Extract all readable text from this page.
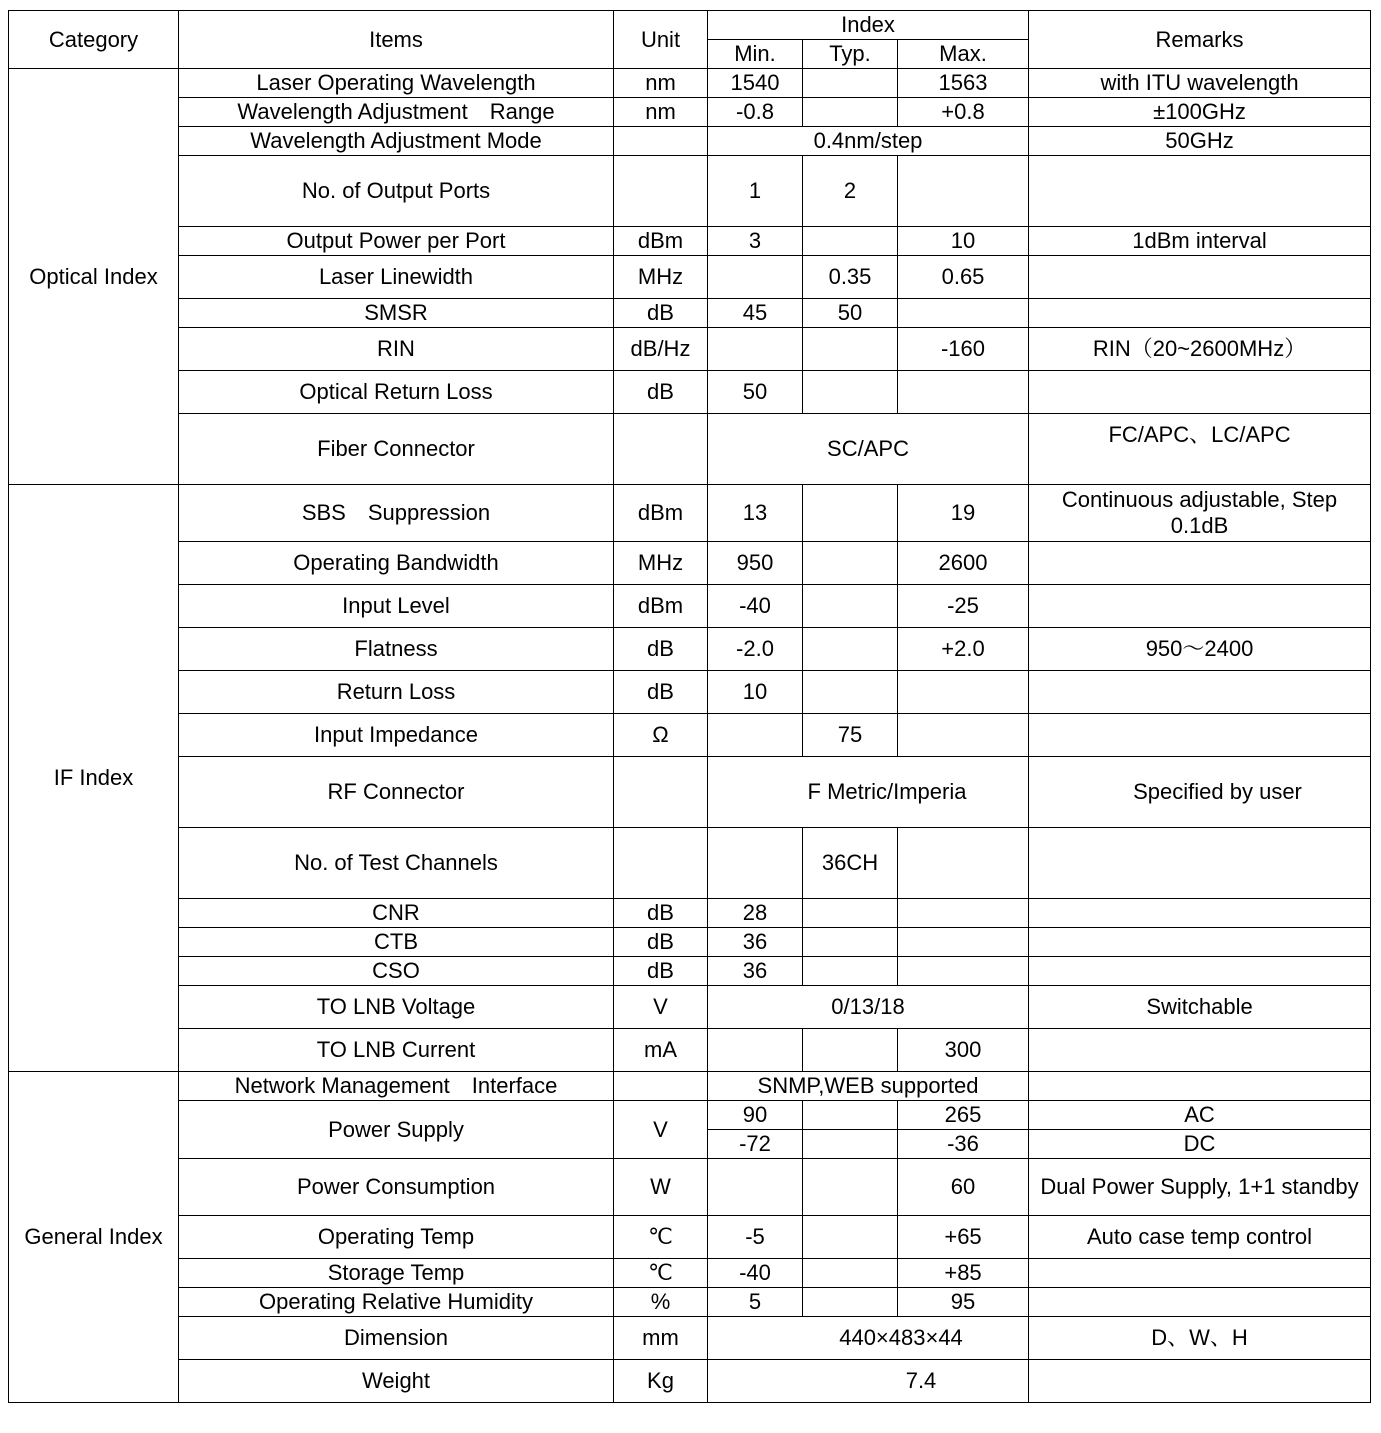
Category	Items	Unit	Index			Remarks
			Min.	Typ.	Max.	
Optical Index	Laser Operating Wavelength	nm	1540		1563	with ITU wavelength
	Wavelength Adjustment　Range	nm	-0.8		+0.8	±100GHz
	Wavelength Adjustment Mode		0.4nm/step			50GHz
	No. of Output Ports		1	2		
	Output Power per Port	dBm	3		10	1dBm interval
	Laser Linewidth	MHz		0.35	0.65	
	SMSR	dB	45	50		
	RIN	dB/Hz			-160	RIN（20~2600MHz）
	Optical Return Loss	dB	50			
	Fiber Connector		SC/APC			FC/APC、LC/APC
IF Index	SBS　Suppression	dBm	13		19	Continuous adjustable, Step 0.1dB
	Operating Bandwidth	MHz	950		2600	
	Input Level	dBm	-40		-25	
	Flatness	dB	-2.0		+2.0	950～2400
	Return Loss	dB	10			
	Input Impedance	Ω		75		
	RF Connector		F Metric/Imperia			Specified by user
	No. of Test Channels			36CH		
	CNR	dB	28			
	CTB	dB	36			
	CSO	dB	36			
	TO LNB Voltage	V	0/13/18			Switchable
	TO LNB Current	mA			300	
General Index	Network Management　Interface		SNMP,WEB supported			
	Power Supply	V	90		265	AC
			-72		-36	DC
	Power Consumption	W			60	Dual Power Supply, 1+1 standby
	Operating Temp	℃	-5		+65	Auto case temp control
	Storage Temp	℃	-40		+85	
	Operating Relative Humidity	%	5		95	
	Dimension	mm	440×483×44			D、W、H
	Weight	Kg	7.4			
